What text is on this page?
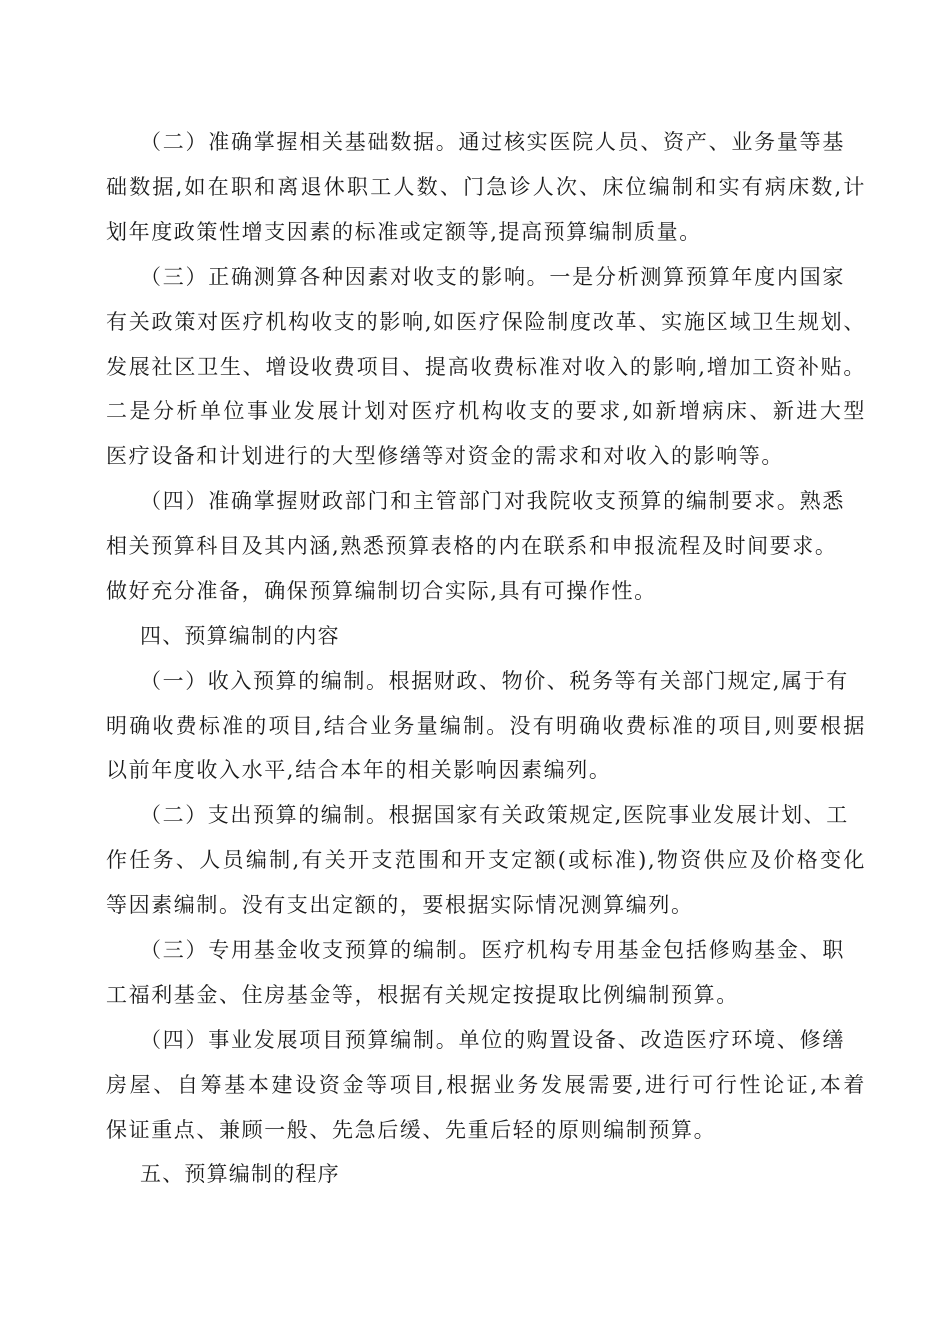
（二）准确掌握相关基础数据。通过核实医院人员、资产、业务量等基
础数据,如在职和离退休职工人数、门急诊人次、床位编制和实有病床数,计
划年度政策性增支因素的标准或定额等,提高预算编制质量。
（三）正确测算各种因素对收支的影响。一是分析测算预算年度内国家
有关政策对医疗机构收支的影响,如医疗保险制度改革、实施区域卫生规划、
发展社区卫生、增设收费项目、提高收费标准对收入的影响,增加工资补贴。
二是分析单位事业发展计划对医疗机构收支的要求,如新增病床、新进大型
医疗设备和计划进行的大型修缮等对资金的需求和对收入的影响等。
（四）准确掌握财政部门和主管部门对我院收支预算的编制要求。熟悉
相关预算科目及其内涵,熟悉预算表格的内在联系和申报流程及时间要求。
做好充分准备，确保预算编制切合实际,具有可操作性。
四、预算编制的内容
（一）收入预算的编制。根据财政、物价、税务等有关部门规定,属于有
明确收费标准的项目,结合业务量编制。没有明确收费标准的项目,则要根据
以前年度收入水平,结合本年的相关影响因素编列。
（二）支出预算的编制。根据国家有关政策规定,医院事业发展计划、工
作任务、人员编制,有关开支范围和开支定额(或标准),物资供应及价格变化
等因素编制。没有支出定额的，要根据实际情况测算编列。
（三）专用基金收支预算的编制。医疗机构专用基金包括修购基金、职
工福利基金、住房基金等，根据有关规定按提取比例编制预算。
（四）事业发展项目预算编制。单位的购置设备、改造医疗环境、修缮
房屋、自筹基本建设资金等项目,根据业务发展需要,进行可行性论证,本着
保证重点、兼顾一般、先急后缓、先重后轻的原则编制预算。
五、预算编制的程序
